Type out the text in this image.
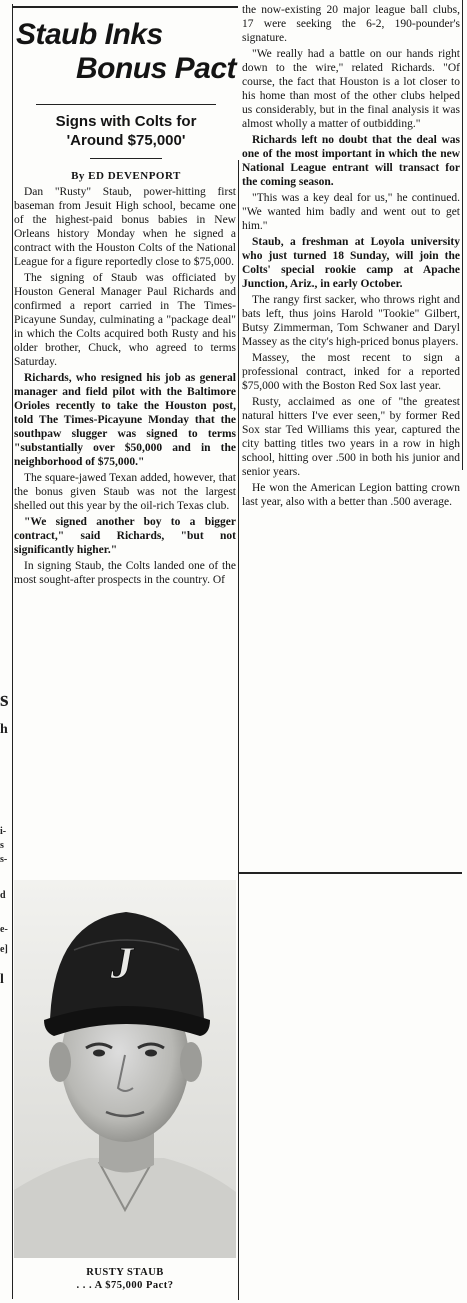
s
h
i-
s
s-
d
e-
e]
l
Staub Inks
Bonus Pact
Signs with Colts for
'Around $75,000'
By ED DEVENPORT

Dan "Rusty" Staub, power-hitting first baseman from Jesuit High school, became one of the highest-paid bonus babies in New Orleans history Monday when he signed a contract with the Houston Colts of the National League for a figure reportedly close to $75,000.

The signing of Staub was officiated by Houston General Manager Paul Richards and confirmed a report carried in The Times-Picayune Sunday, culminating a "package deal" in which the Colts acquired both Rusty and his older brother, Chuck, who agreed to terms Saturday.

Richards, who resigned his job as general manager and field pilot with the Baltimore Orioles recently to take the Houston post, told The Times-Picayune Monday that the southpaw slugger was signed to terms "substantially over $50,000 and in the neighborhood of $75,000."

The square-jawed Texan added, however, that the bonus given Staub was not the largest shelled out this year by the oil-rich Texas club.

"We signed another boy to a bigger contract," said Richards, "but not significantly higher."

In signing Staub, the Colts landed one of the most sought-after prospects in the country. Of

the now-existing 20 major league ball clubs, 17 were seeking the 6-2, 190-pounder's signature.

"We really had a battle on our hands right down to the wire," related Richards. "Of course, the fact that Houston is a lot closer to his home than most of the other clubs helped us considerably, but in the final analysis it was almost wholly a matter of outbidding."

Richards left no doubt that the deal was one of the most important in which the new National League entrant will transact for the coming season.

"This was a key deal for us," he continued. "We wanted him badly and went out to get him."

Staub, a freshman at Loyola university who just turned 18 Sunday, will join the Colts' special rookie camp at Apache Junction, Ariz., in early October.

The rangy first sacker, who throws right and bats left, thus joins Harold "Tookie" Gilbert, Butsy Zimmerman, Tom Schwaner and Daryl Massey as the city's high-priced bonus players.

Massey, the most recent to sign a professional contract, inked for a reported $75,000 with the Boston Red Sox last year.

Rusty, acclaimed as one of "the greatest natural hitters I've ever seen," by former Red Sox star Ted Williams this year, captured the city batting titles two years in a row in high school, hitting over .500 in both his junior and senior years.

He won the American Legion batting crown last year, also with a better than .500 average.

J
RUSTY STAUB
. . . A $75,000 Pact?
